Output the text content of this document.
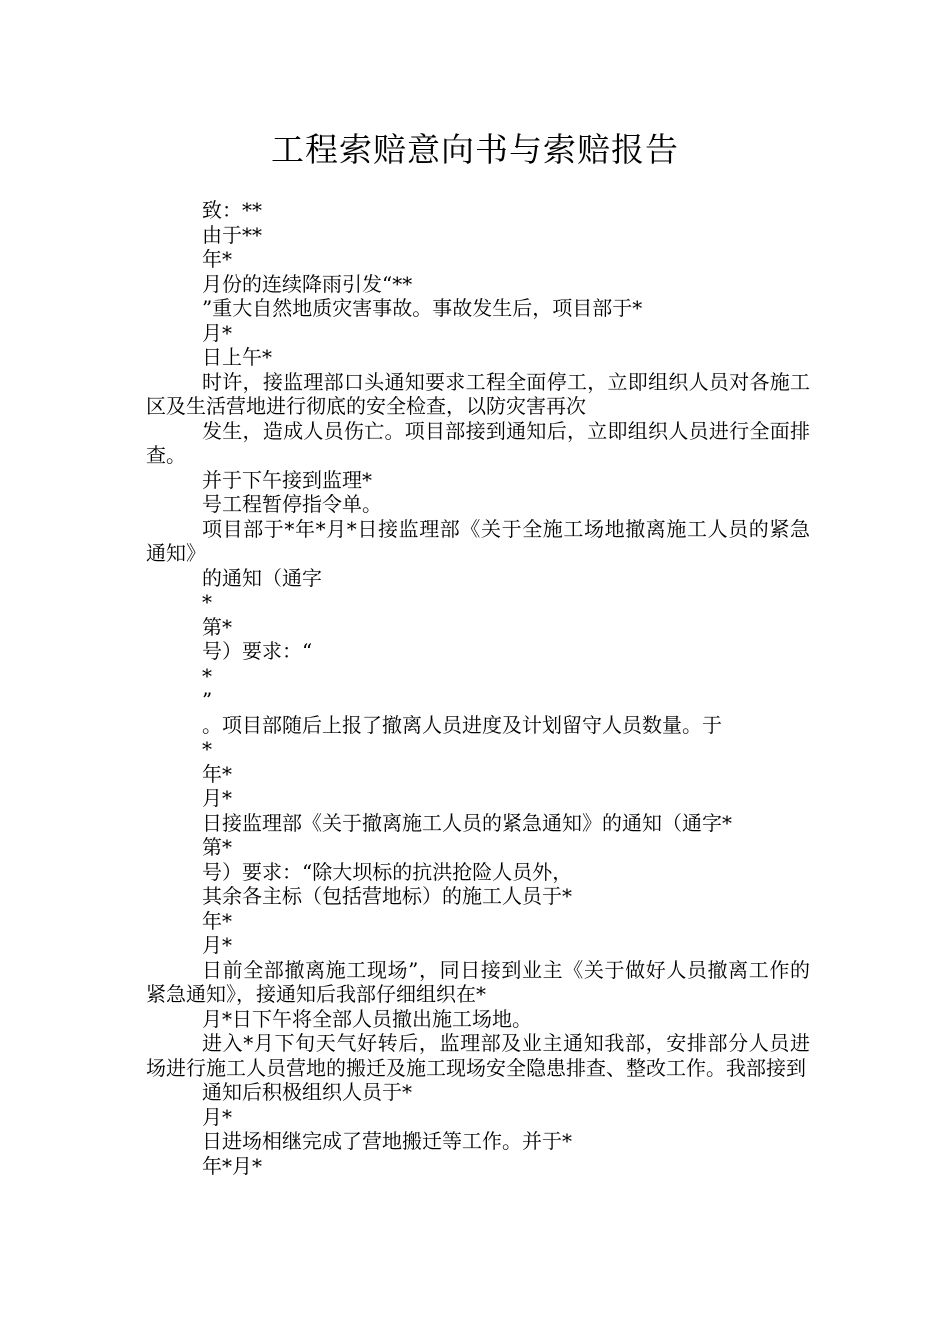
工程索赔意向书与索赔报告

致：**

由于**

年*

月份的连续降雨引发“**

”重大自然地质灾害事故。事故发生后，项目部于*

月*

日上午*

时许，接监理部口头通知要求工程全面停工，立即组织人员对各施工区及生活营地进行彻底的安全检查，以防灾害再次

发生，造成人员伤亡。项目部接到通知后，立即组织人员进行全面排查。

并于下午接到监理*

号工程暂停指令单。

项目部于*年*月*日接监理部《关于全施工场地撤离施工人员的紧急通知》

的通知（通字

*

第*

号）要求：“

*

”

。项目部随后上报了撤离人员进度及计划留守人员数量。于

*

年*

月*

日接监理部《关于撤离施工人员的紧急通知》的通知（通字*

第*

号）要求：“除大坝标的抗洪抢险人员外，

其余各主标（包括营地标）的施工人员于*

年*

月*

日前全部撤离施工现场”，同日接到业主《关于做好人员撤离工作的紧急通知》，接通知后我部仔细组织在*

月*日下午将全部人员撤出施工场地。

进入*月下旬天气好转后，监理部及业主通知我部，安排部分人员进场进行施工人员营地的搬迁及施工现场安全隐患排查、整改工作。我部接到

通知后积极组织人员于*

月*

日进场相继完成了营地搬迁等工作。并于*

年*月*
